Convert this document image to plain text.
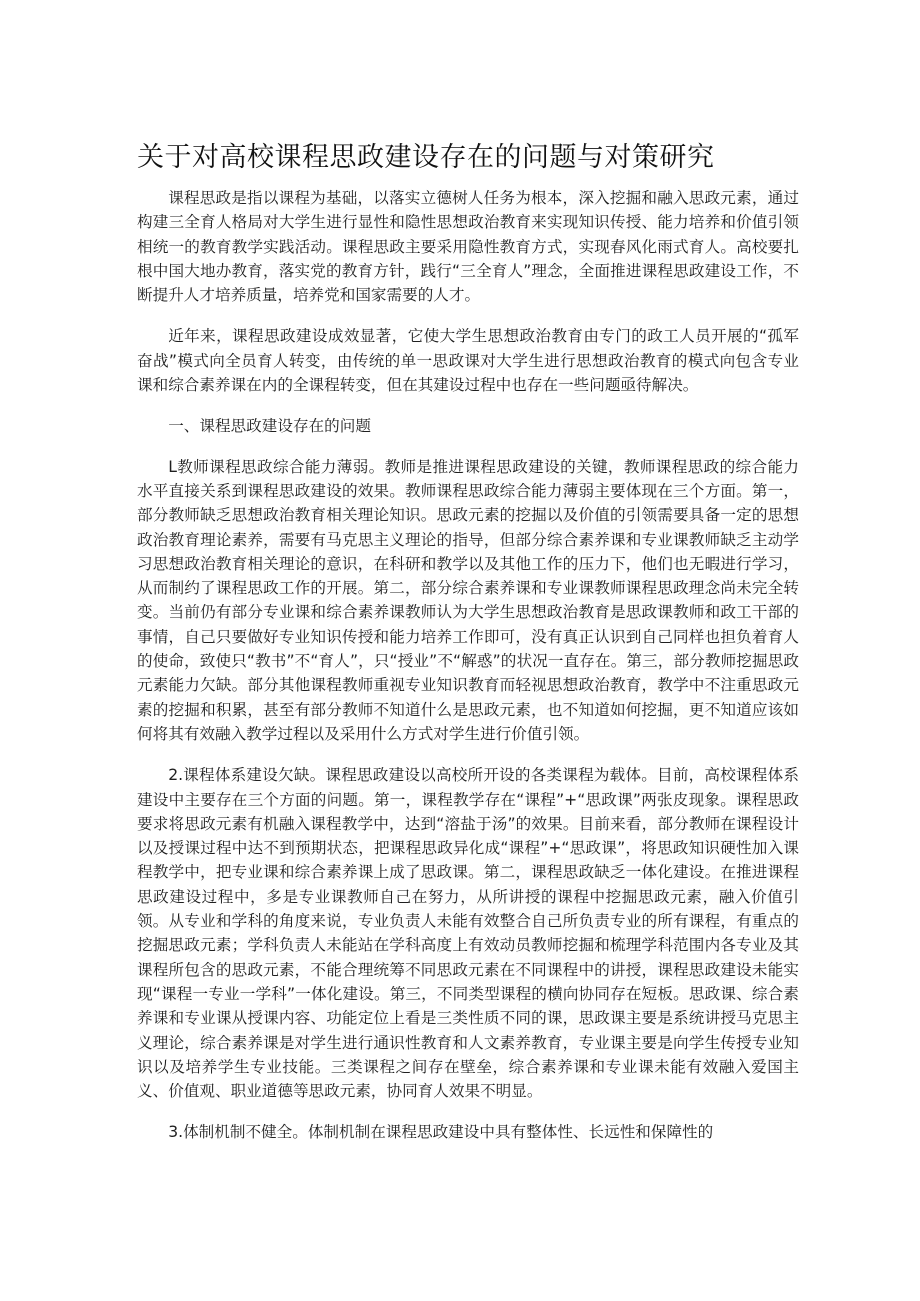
关于对高校课程思政建设存在的问题与对策研究

课程思政是指以课程为基础，以落实立德树人任务为根本，深入挖掘和融入思政元素，通过构建三全育人格局对大学生进行显性和隐性思想政治教育来实现知识传授、能力培养和价值引领相统一的教育教学实践活动。课程思政主要采用隐性教育方式，实现春风化雨式育人。高校要扎根中国大地办教育，落实党的教育方针，践行“三全育人”理念，全面推进课程思政建设工作，不断提升人才培养质量，培养党和国家需要的人才。

近年来，课程思政建设成效显著，它使大学生思想政治教育由专门的政工人员开展的“孤军奋战”模式向全员育人转变，由传统的单一思政课对大学生进行思想政治教育的模式向包含专业课和综合素养课在内的全课程转变，但在其建设过程中也存在一些问题亟待解决。

一、课程思政建设存在的问题

L教师课程思政综合能力薄弱。教师是推进课程思政建设的关键，教师课程思政的综合能力水平直接关系到课程思政建设的效果。教师课程思政综合能力薄弱主要体现在三个方面。第一，部分教师缺乏思想政治教育相关理论知识。思政元素的挖掘以及价值的引领需要具备一定的思想政治教育理论素养，需要有马克思主义理论的指导，但部分综合素养课和专业课教师缺乏主动学习思想政治教育相关理论的意识，在科研和教学以及其他工作的压力下，他们也无暇进行学习，从而制约了课程思政工作的开展。第二，部分综合素养课和专业课教师课程思政理念尚未完全转变。当前仍有部分专业课和综合素养课教师认为大学生思想政治教育是思政课教师和政工干部的事情，自己只要做好专业知识传授和能力培养工作即可，没有真正认识到自己同样也担负着育人的使命，致使只“教书”不“育人”，只“授业”不“解惑”的状况一直存在。第三，部分教师挖掘思政元素能力欠缺。部分其他课程教师重视专业知识教育而轻视思想政治教育，教学中不注重思政元素的挖掘和积累，甚至有部分教师不知道什么是思政元素，也不知道如何挖掘，更不知道应该如何将其有效融入教学过程以及采用什么方式对学生进行价值引领。

2.课程体系建设欠缺。课程思政建设以高校所开设的各类课程为载体。目前，高校课程体系建设中主要存在三个方面的问题。第一，课程教学存在“课程”+“思政课”两张皮现象。课程思政要求将思政元素有机融入课程教学中，达到“溶盐于汤”的效果。目前来看，部分教师在课程设计以及授课过程中达不到预期状态，把课程思政异化成“课程”+“思政课”，将思政知识硬性加入课程教学中，把专业课和综合素养课上成了思政课。第二，课程思政缺乏一体化建设。在推进课程思政建设过程中，多是专业课教师自己在努力，从所讲授的课程中挖掘思政元素，融入价值引领。从专业和学科的角度来说，专业负责人未能有效整合自己所负责专业的所有课程，有重点的挖掘思政元素；学科负责人未能站在学科高度上有效动员教师挖掘和梳理学科范围内各专业及其课程所包含的思政元素，不能合理统筹不同思政元素在不同课程中的讲授，课程思政建设未能实现“课程一专业一学科”一体化建设。第三，不同类型课程的横向协同存在短板。思政课、综合素养课和专业课从授课内容、功能定位上看是三类性质不同的课，思政课主要是系统讲授马克思主义理论，综合素养课是对学生进行通识性教育和人文素养教育，专业课主要是向学生传授专业知识以及培养学生专业技能。三类课程之间存在壁垒，综合素养课和专业课未能有效融入爱国主义、价值观、职业道德等思政元素，协同育人效果不明显。

3.体制机制不健全。体制机制在课程思政建设中具有整体性、长远性和保障性的
